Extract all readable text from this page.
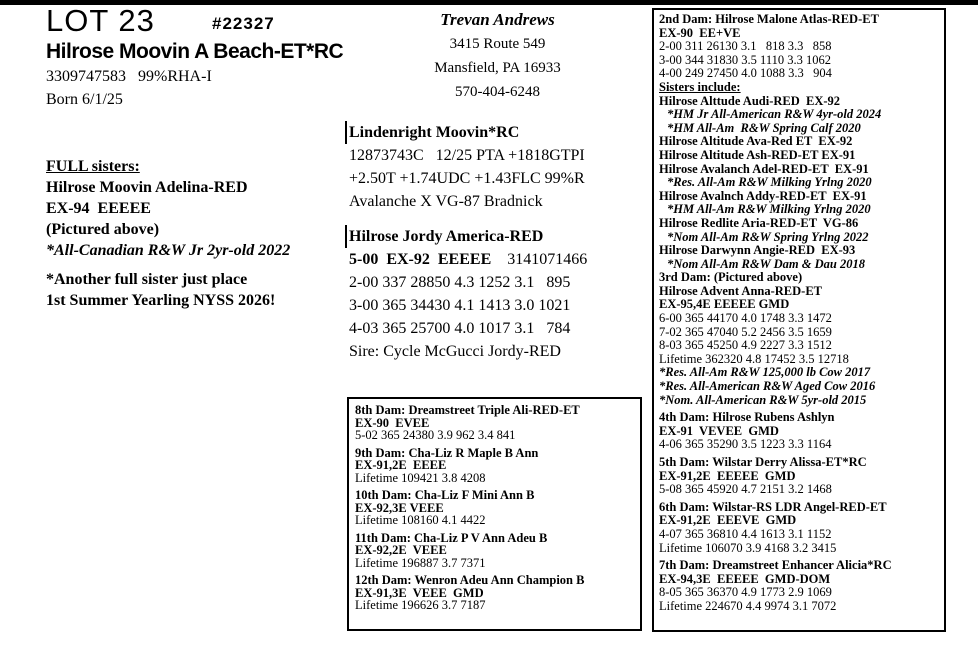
LOT 23	#22327
Hilrose Moovin A Beach-ET*RC
3309747583   99%RHA-I
Born 6/1/25
Trevan Andrews
3415 Route 549
Mansfield, PA 16933
570-404-6248
FULL sisters:
Hilrose Moovin Adelina-RED
EX-94  EEEEE
(Pictured above)
*All-Canadian R&W Jr 2yr-old 2022
*Another full sister just place
1st Summer Yearling NYSS 2026!
Lindenright Moovin*RC
12873743C   12/25 PTA +1818GTPI
+2.50T +1.74UDC +1.43FLC 99%R
Avalanche X VG-87 Bradnick
Hilrose Jordy America-RED
5-00  EX-92  EEEEE 3141071466
2-00 337 28850 4.3 1252 3.1   895
3-00 365 34430 4.1 1413 3.0 1021
4-03 365 25700 4.0 1017 3.1   784
Sire: Cycle McGucci Jordy-RED
8th Dam: Dreamstreet Triple Ali-RED-ET
EX-90  EVEE
5-02 365 24380 3.9 962 3.4 841
9th Dam: Cha-Liz R Maple B Ann
EX-91,2E  EEEE
Lifetime 109421 3.8 4208
10th Dam: Cha-Liz F Mini Ann B
EX-92,3E VEEE
Lifetime 108160 4.1 4422
11th Dam: Cha-Liz P V Ann Adeu B
EX-92,2E  VEEE
Lifetime 196887 3.7 7371
12th Dam: Wenron Adeu Ann Champion B
EX-91,3E  VEEE  GMD
Lifetime 196626 3.7 7187
2nd Dam: Hilrose Malone Atlas-RED-ET
EX-90  EE+VE
2-00 311 26130 3.1   818 3.3   858
3-00 344 31830 3.5 1110 3.3 1062
4-00 249 27450 4.0 1088 3.3   904
Sisters include:
Hilrose Alttude Audi-RED  EX-92
*HM Jr All-American R&W 4yr-old 2024
*HM All-Am  R&W Spring Calf 2020
Hilrose Altitude Ava-Red ET  EX-92
Hilrose Altitude Ash-RED-ET EX-91
Hilrose Avalanch Adel-RED-ET  EX-91
*Res. All-Am R&W Milking Yrlng 2020
Hilrose Avalnch Addy-RED-ET  EX-91
*HM All-Am R&W Milking Yrlng 2020
Hilrose Redlite Aria-RED-ET  VG-86
*Nom All-Am R&W Spring Yrlng 2022
Hilrose Darwynn Angie-RED  EX-93
*Nom All-Am R&W Dam & Dau 2018
3rd Dam: (Pictured above)
Hilrose Advent Anna-RED-ET
EX-95,4E EEEEE GMD
6-00 365 44170 4.0 1748 3.3 1472
7-02 365 47040 5.2 2456 3.5 1659
8-03 365 45250 4.9 2227 3.3 1512
Lifetime 362320 4.8 17452 3.5 12718
*Res. All-Am R&W 125,000 lb Cow 2017
*Res. All-American R&W Aged Cow 2016
*Nom. All-American R&W 5yr-old 2015
4th Dam: Hilrose Rubens Ashlyn
EX-91  VEVEE  GMD
4-06 365 35290 3.5 1223 3.3 1164
5th Dam: Wilstar Derry Alissa-ET*RC
EX-91,2E  EEEEE  GMD
5-08 365 45920 4.7 2151 3.2 1468
6th Dam: Wilstar-RS LDR Angel-RED-ET
EX-91,2E  EEEVE  GMD
4-07 365 36810 4.4 1613 3.1 1152
Lifetime 106070 3.9 4168 3.2 3415
7th Dam: Dreamstreet Enhancer Alicia*RC
EX-94,3E  EEEEE  GMD-DOM
8-05 365 36370 4.9 1773 2.9 1069
Lifetime 224670 4.4 9974 3.1 7072
